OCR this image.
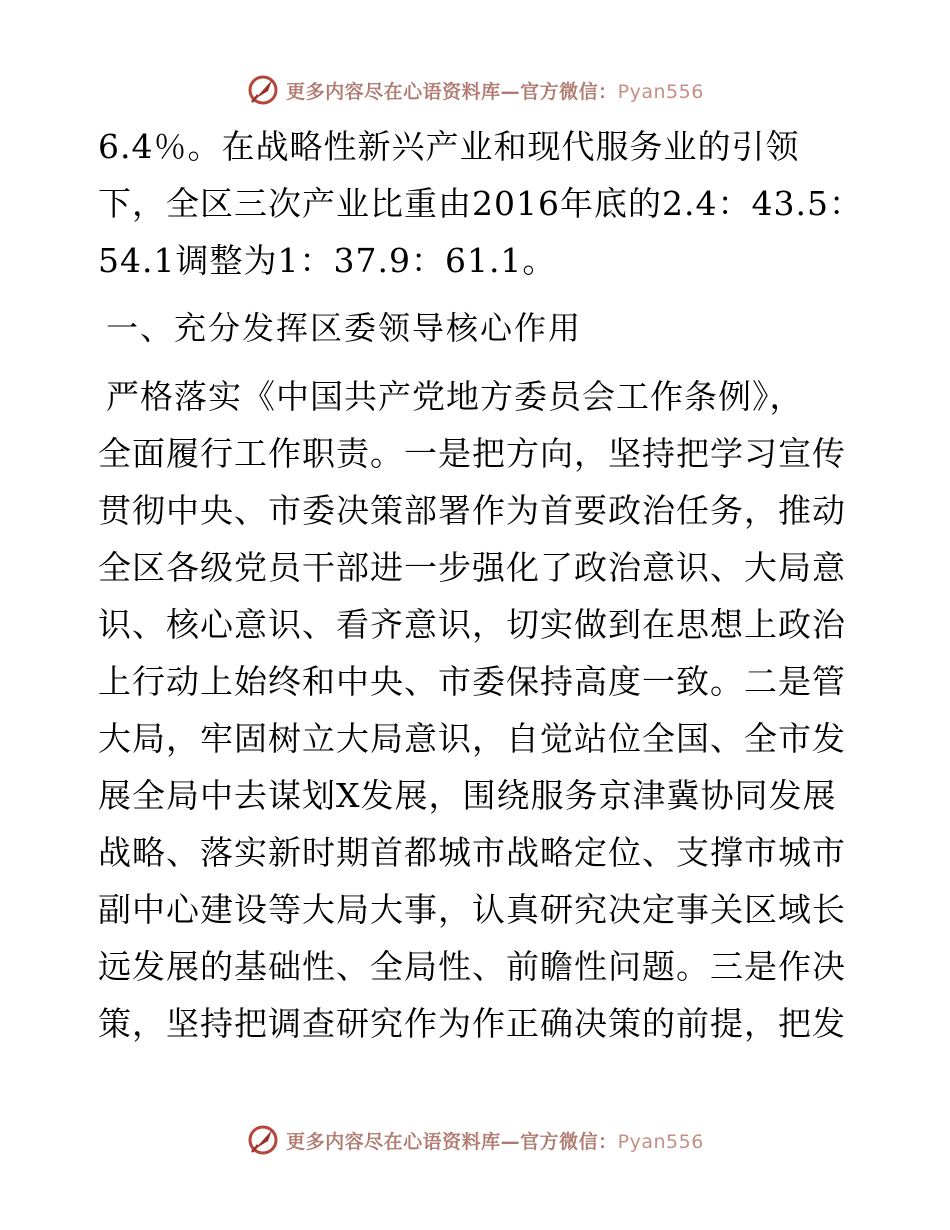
更多内容尽在心语资料库—官方微信：Pyan556
6.4％。在战略性新兴产业和现代服务业的引领
下，全区三次产业比重由2016年底的2.4：43.5：
54.1调整为1：37.9：61.1。
一、充分发挥区委领导核心作用
严格落实《中国共产党地方委员会工作条例》，
全面履行工作职责。一是把方向，坚持把学习宣传
贯彻中央、市委决策部署作为首要政治任务，推动
全区各级党员干部进一步强化了政治意识、大局意
识、核心意识、看齐意识，切实做到在思想上政治
上行动上始终和中央、市委保持高度一致。二是管
大局，牢固树立大局意识，自觉站位全国、全市发
展全局中去谋划X发展，围绕服务京津冀协同发展
战略、落实新时期首都城市战略定位、支撑市城市
副中心建设等大局大事，认真研究决定事关区域长
远发展的基础性、全局性、前瞻性问题。三是作决
策，坚持把调查研究作为作正确决策的前提，把发
更多内容尽在心语资料库—官方微信：Pyan556
